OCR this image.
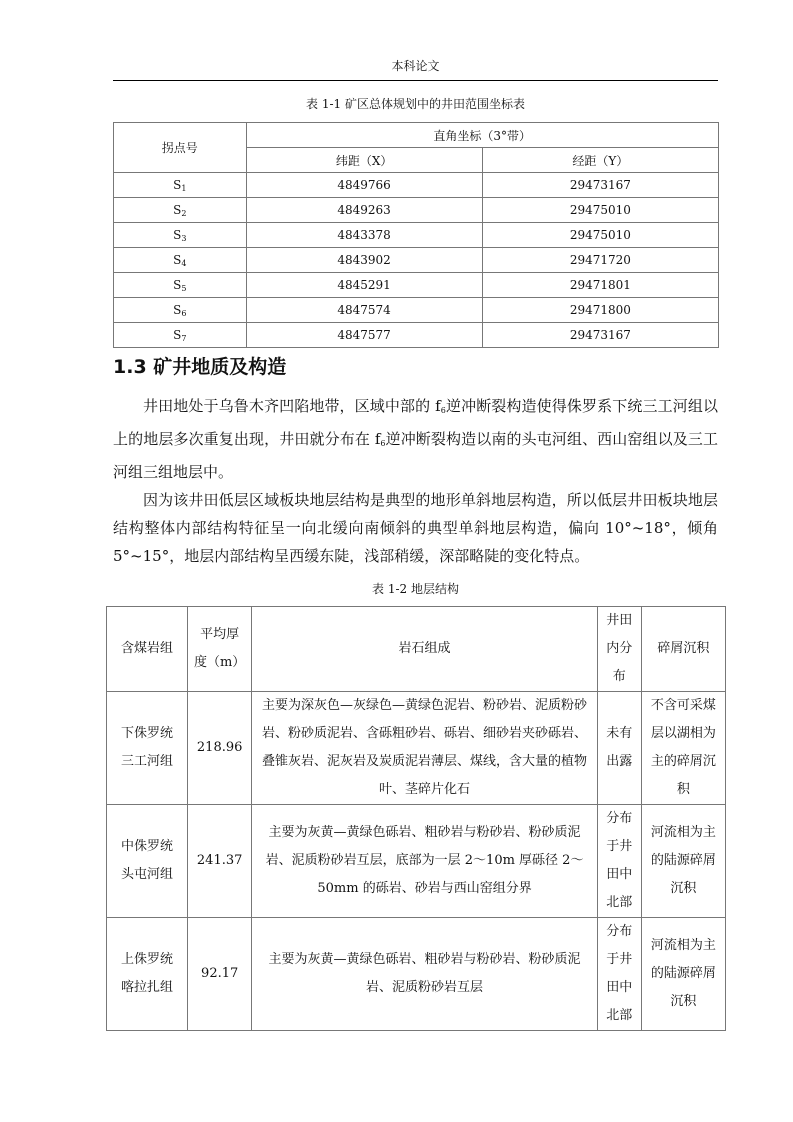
本科论文
表 1-1 矿区总体规划中的井田范围坐标表
拐点号	直角坐标（3°带）	
	纬距（X）	经距（Y）
$S_1$	4849766	29473167
$S_2$	4849263	29475010
$S_3$	4843378	29475010
$S_4$	4843902	29471720
$S_5$	4845291	29471801
$S_6$	4847574	29471800
$S_7$	4847577	29473167
1.3 矿井地质及构造

井田地处于乌鲁木齐凹陷地带，区域中部的 $f_6$逆冲断裂构造使得侏罗系下统三工河组以上的地层多次重复出现，井田就分布在 $f_6$逆冲断裂构造以南的头屯河组、西山窑组以及三工河组三组地层中。

因为该井田低层区域板块地层结构是典型的地形单斜地层构造，所以低层井田板块地层结构整体内部结构特征呈一向北缓向南倾斜的典型单斜地层构造，偏向 10°~18°，倾角 5°~15°，地层内部结构呈西缓东陡，浅部稍缓，深部略陡的变化特点。

表 1-2 地层结构
含煤岩组	平均厚度（m）	岩石组成	井田内分布	碎屑沉积
下侏罗统三工河组	218.96	主要为深灰色—灰绿色—黄绿色泥岩、粉砂岩、泥质粉砂岩、粉砂质泥岩、含砾粗砂岩、砾岩、细砂岩夹砂砾岩、叠锥灰岩、泥灰岩及炭质泥岩薄层、煤线，含大量的植物叶、茎碎片化石	未有出露	不含可采煤层以湖相为主的碎屑沉积
中侏罗统头屯河组	241.37	主要为灰黄—黄绿色砾岩、粗砂岩与粉砂岩、粉砂质泥岩、泥质粉砂岩互层，底部为一层 2～10m 厚砾径 2～50mm 的砾岩、砂岩与西山窑组分界	分布于井田中北部	河流相为主的陆源碎屑沉积
上侏罗统喀拉扎组	92.17	主要为灰黄—黄绿色砾岩、粗砂岩与粉砂岩、粉砂质泥岩、泥质粉砂岩互层	分布于井田中北部	河流相为主的陆源碎屑沉积
